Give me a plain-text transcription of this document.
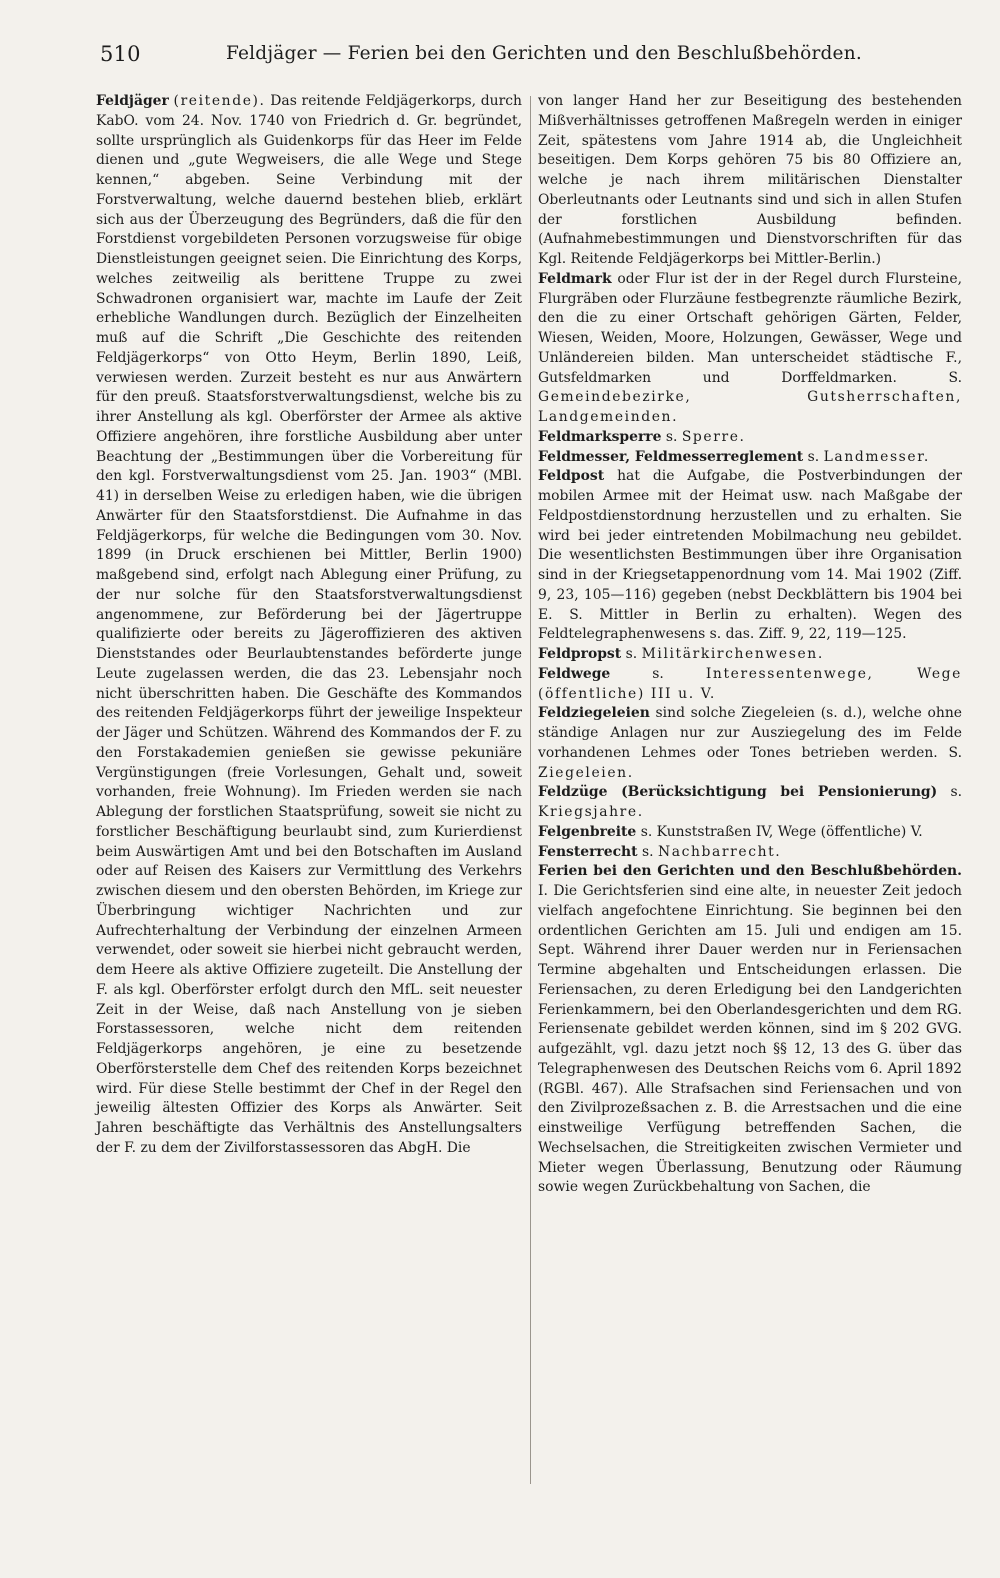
510	Feldjäger — Ferien bei den Gerichten und den Beschlußbehörden.

Feldjäger (reitende). Das reitende Feldjägerkorps, durch KabO. vom 24. Nov. 1740 von Friedrich d. Gr. begründet, sollte ursprünglich als Guidenkorps für das Heer im Felde dienen und „gute Wegweisers, die alle Wege und Stege kennen,“ abgeben. Seine Verbindung mit der Forstverwaltung, welche dauernd bestehen blieb, erklärt sich aus der Überzeugung des Begründers, daß die für den Forstdienst vorgebildeten Personen vorzugsweise für obige Dienstleistungen geeignet seien. Die Einrichtung des Korps, welches zeitweilig als berittene Truppe zu zwei Schwadronen organisiert war, machte im Laufe der Zeit erhebliche Wandlungen durch. Bezüglich der Einzelheiten muß auf die Schrift „Die Geschichte des reitenden Feldjägerkorps“ von Otto Heym, Berlin 1890, Leiß, verwiesen werden. Zurzeit besteht es nur aus Anwärtern für den preuß. Staatsforstverwaltungsdienst, welche bis zu ihrer Anstellung als kgl. Oberförster der Armee als aktive Offiziere angehören, ihre forstliche Ausbildung aber unter Beachtung der „Bestimmungen über die Vorbereitung für den kgl. Forstverwaltungsdienst vom 25. Jan. 1903“ (MBl. 41) in derselben Weise zu erledigen haben, wie die übrigen Anwärter für den Staatsforstdienst. Die Aufnahme in das Feldjägerkorps, für welche die Bedingungen vom 30. Nov. 1899 (in Druck erschienen bei Mittler, Berlin 1900) maßgebend sind, erfolgt nach Ablegung einer Prüfung, zu der nur solche für den Staatsforstverwaltungsdienst angenommene, zur Beförderung bei der Jägertruppe qualifizierte oder bereits zu Jägeroffizieren des aktiven Dienststandes oder Beurlaubtenstandes beförderte junge Leute zugelassen werden, die das 23. Lebensjahr noch nicht überschritten haben. Die Geschäfte des Kommandos des reitenden Feldjägerkorps führt der jeweilige Inspekteur der Jäger und Schützen. Während des Kommandos der F. zu den Forstakademien genießen sie gewisse pekuniäre Vergünstigungen (freie Vorlesungen, Gehalt und, soweit vorhanden, freie Wohnung). Im Frieden werden sie nach Ablegung der forstlichen Staatsprüfung, soweit sie nicht zu forstlicher Beschäftigung beurlaubt sind, zum Kurierdienst beim Auswärtigen Amt und bei den Botschaften im Ausland oder auf Reisen des Kaisers zur Vermittlung des Verkehrs zwischen diesem und den obersten Behörden, im Kriege zur Überbringung wichtiger Nachrichten und zur Aufrechterhaltung der Verbindung der einzelnen Armeen verwendet, oder soweit sie hierbei nicht gebraucht werden, dem Heere als aktive Offiziere zugeteilt. Die Anstellung der F. als kgl. Oberförster erfolgt durch den MfL. seit neuester Zeit in der Weise, daß nach Anstellung von je sieben Forstassessoren, welche nicht dem reitenden Feldjägerkorps angehören, je eine zu besetzende Oberförsterstelle dem Chef des reitenden Korps bezeichnet wird. Für diese Stelle bestimmt der Chef in der Regel den jeweilig ältesten Offizier des Korps als Anwärter. Seit Jahren beschäftigte das Verhältnis des Anstellungsalters der F. zu dem der Zivilforstassessoren das AbgH. Die

von langer Hand her zur Beseitigung des bestehenden Mißverhältnisses getroffenen Maßregeln werden in einiger Zeit, spätestens vom Jahre 1914 ab, die Ungleichheit beseitigen. Dem Korps gehören 75 bis 80 Offiziere an, welche je nach ihrem militärischen Dienstalter Oberleutnants oder Leutnants sind und sich in allen Stufen der forstlichen Ausbildung befinden. (Aufnahmebestimmungen und Dienstvorschriften für das Kgl. Reitende Feldjägerkorps bei Mittler-Berlin.)

Feldmark oder Flur ist der in der Regel durch Flursteine, Flurgräben oder Flurzäune festbegrenzte räumliche Bezirk, den die zu einer Ortschaft gehörigen Gärten, Felder, Wiesen, Weiden, Moore, Holzungen, Gewässer, Wege und Unländereien bilden. Man unterscheidet städtische F., Gutsfeldmarken und Dorffeldmarken. S. Gemeindebezirke, Gutsherrschaften, Landgemeinden.

Feldmarksperre s. Sperre.

Feldmesser, Feldmesserreglement s. Landmesser.

Feldpost hat die Aufgabe, die Postverbindungen der mobilen Armee mit der Heimat usw. nach Maßgabe der Feldpostdienstordnung herzustellen und zu erhalten. Sie wird bei jeder eintretenden Mobilmachung neu gebildet. Die wesentlichsten Bestimmungen über ihre Organisation sind in der Kriegsetappenordnung vom 14. Mai 1902 (Ziff. 9, 23, 105—116) gegeben (nebst Deckblättern bis 1904 bei E. S. Mittler in Berlin zu erhalten). Wegen des Feldtelegraphenwesens s. das. Ziff. 9, 22, 119—125.

Feldpropst s. Militärkirchenwesen.

Feldwege	s.	Interessentenwege, Wege (öffentliche) III u. V.

Feldziegeleien sind solche Ziegeleien (s. d.), welche ohne ständige Anlagen nur zur Ausziegelung des im Felde vorhandenen Lehmes oder Tones betrieben werden. S. Ziegeleien.

Feldzüge (Berücksichtigung bei Pensionierung) s. Kriegsjahre.

Felgenbreite s. Kunststraßen IV, Wege (öffentliche) V.

Fensterrecht s. Nachbarrecht.

Ferien bei den Gerichten und den Beschlußbehörden. I. Die Gerichtsferien sind eine alte, in neuester Zeit jedoch vielfach angefochtene Einrichtung. Sie beginnen bei den ordentlichen Gerichten am 15. Juli und endigen am 15. Sept. Während ihrer Dauer werden nur in Feriensachen Termine abgehalten und Entscheidungen erlassen. Die Feriensachen, zu deren Erledigung bei den Landgerichten Ferienkammern, bei den Oberlandesgerichten und dem RG. Feriensenate gebildet werden können, sind im § 202 GVG. aufgezählt, vgl. dazu jetzt noch §§ 12, 13 des G. über das Telegraphenwesen des Deutschen Reichs vom 6. April 1892 (RGBl. 467). Alle Strafsachen sind Feriensachen und von den Zivilprozeßsachen z. B. die Arrestsachen und die eine einstweilige Verfügung betreffenden Sachen, die Wechselsachen, die Streitigkeiten zwischen Vermieter und Mieter wegen Überlassung, Benutzung oder Räumung sowie wegen Zurückbehaltung von Sachen, die
